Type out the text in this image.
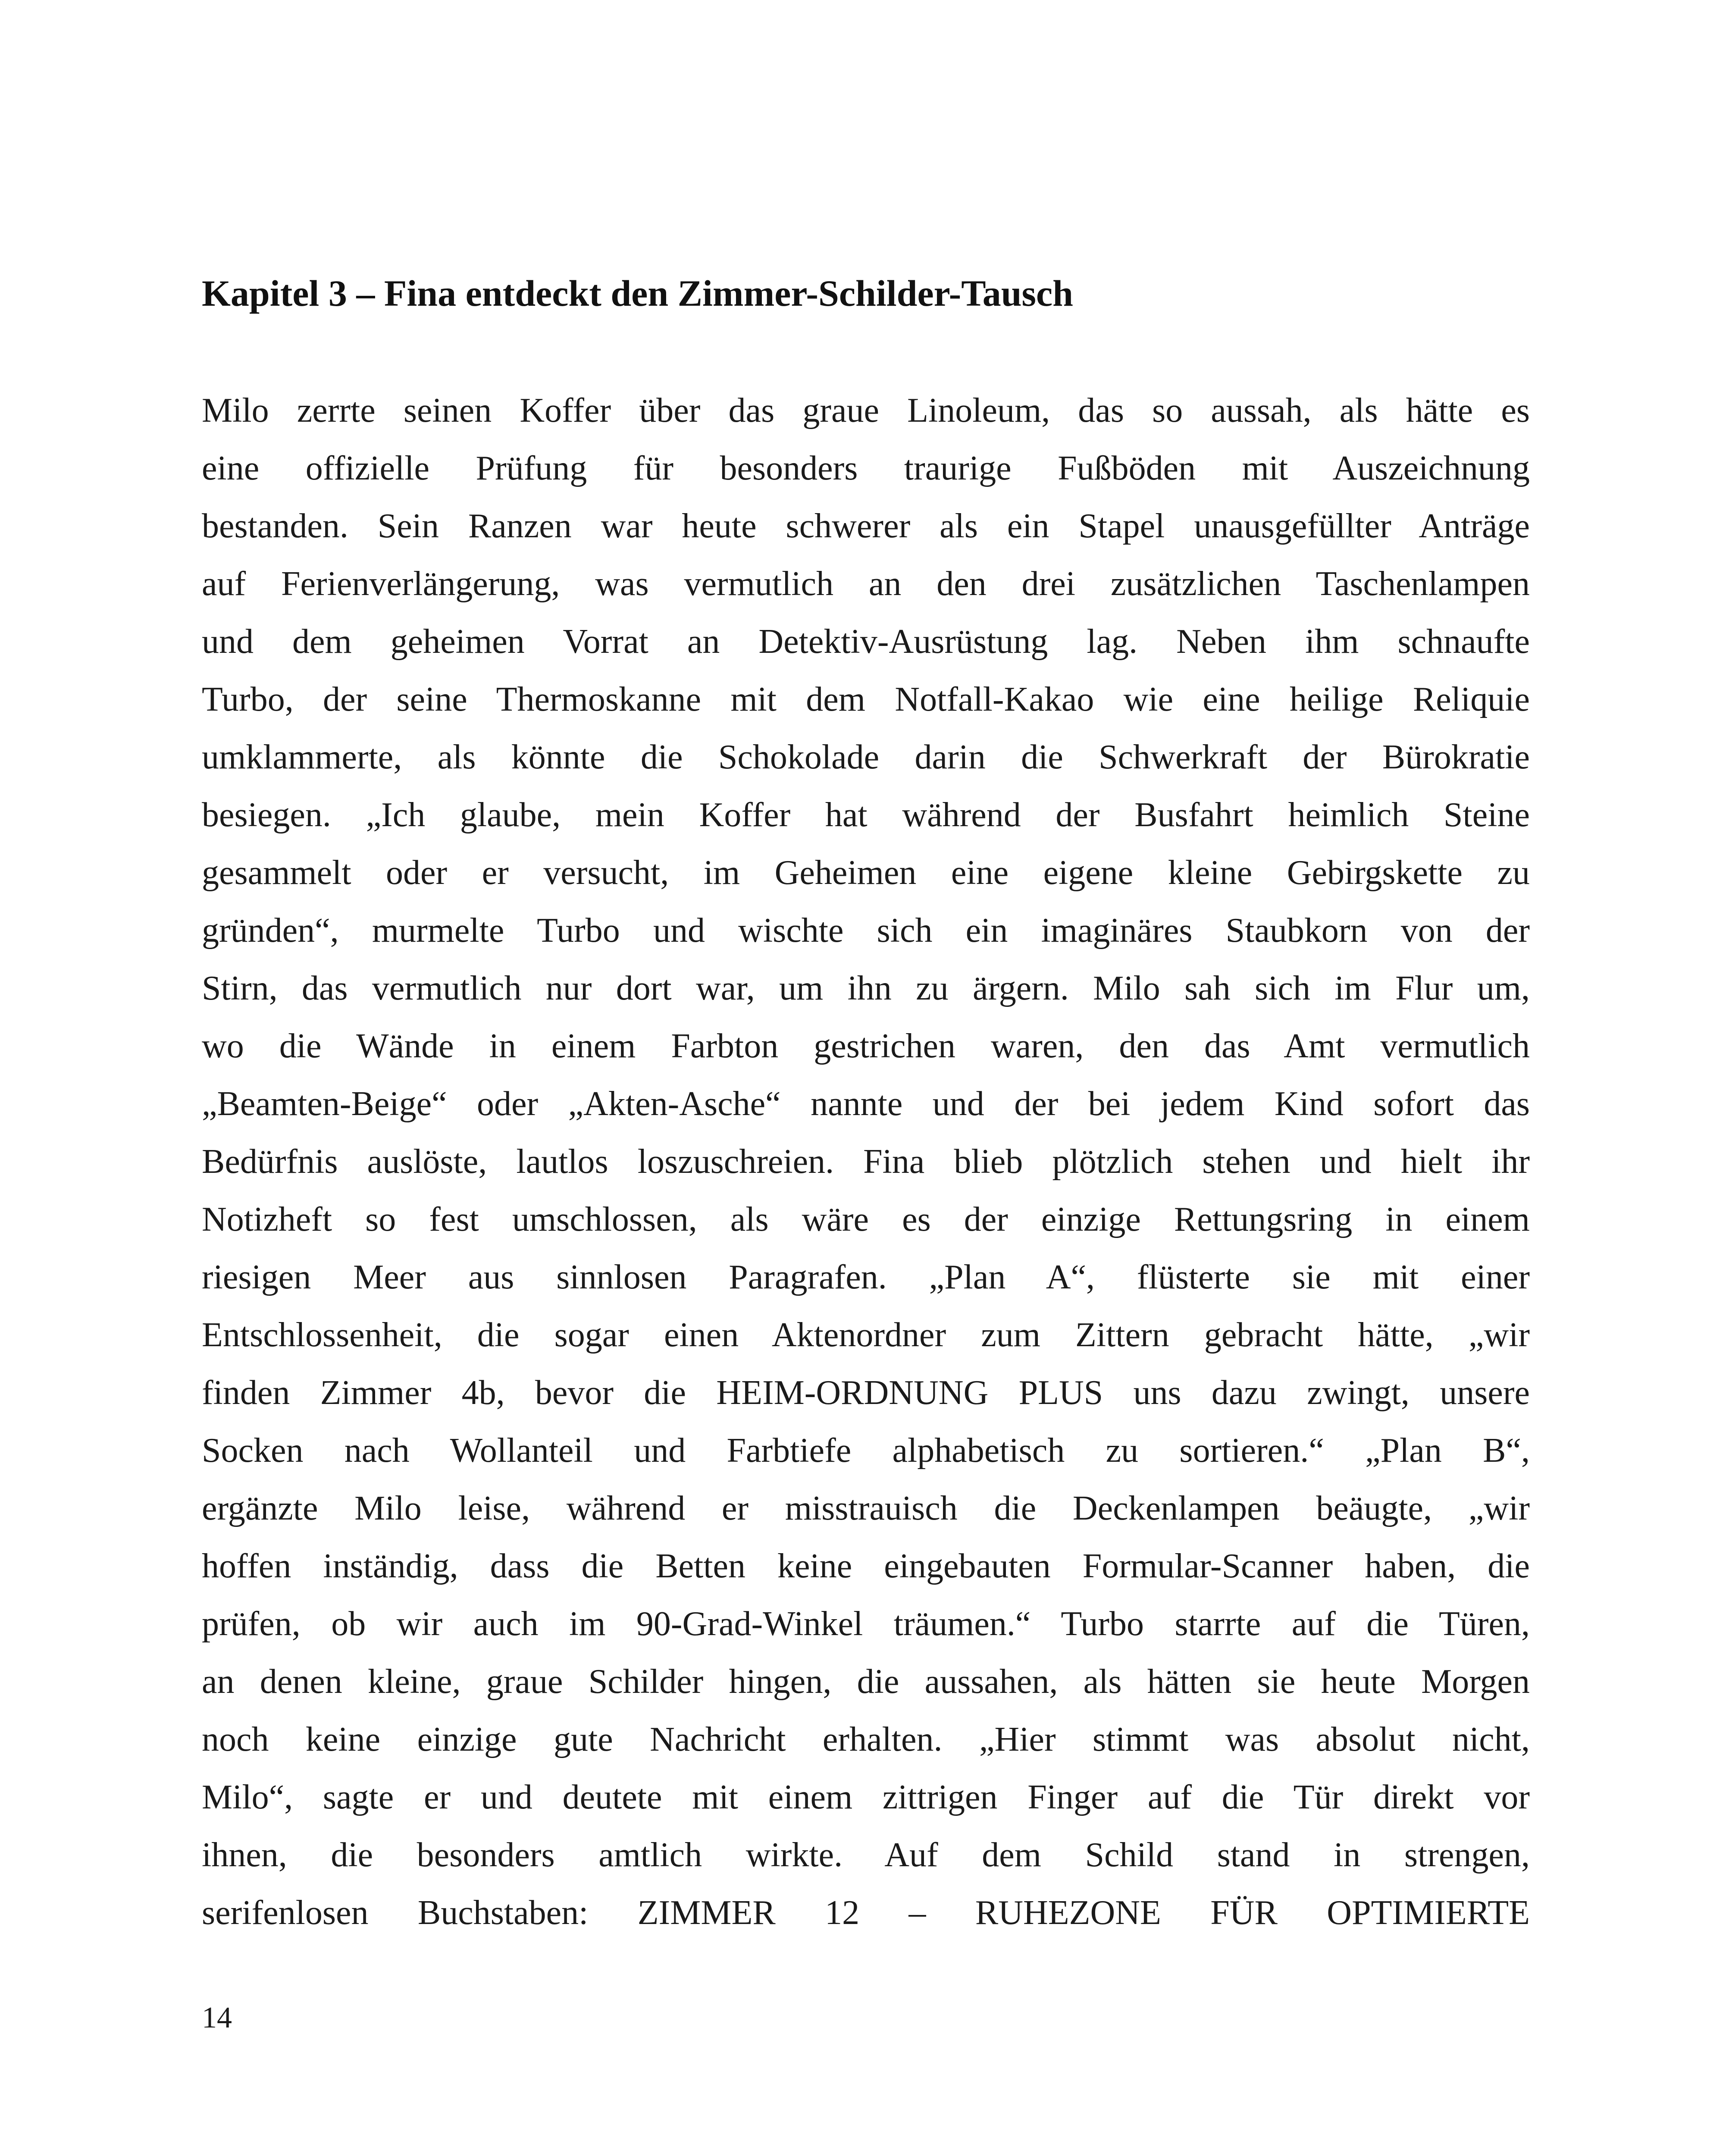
Kapitel 3 – Fina entdeckt den Zimmer-Schilder-Tausch
Milo zerrte seinen Koffer über das graue Linoleum, das so aussah, als hätte es
eine offizielle Prüfung für besonders traurige Fußböden mit Auszeichnung
bestanden. Sein Ranzen war heute schwerer als ein Stapel unausgefüllter Anträge
auf Ferienverlängerung, was vermutlich an den drei zusätzlichen Taschenlampen
und dem geheimen Vorrat an Detektiv-Ausrüstung lag. Neben ihm schnaufte
Turbo, der seine Thermoskanne mit dem Notfall-Kakao wie eine heilige Reliquie
umklammerte, als könnte die Schokolade darin die Schwerkraft der Bürokratie
besiegen. „Ich glaube, mein Koffer hat während der Busfahrt heimlich Steine
gesammelt oder er versucht, im Geheimen eine eigene kleine Gebirgskette zu
gründen“, murmelte Turbo und wischte sich ein imaginäres Staubkorn von der
Stirn, das vermutlich nur dort war, um ihn zu ärgern. Milo sah sich im Flur um,
wo die Wände in einem Farbton gestrichen waren, den das Amt vermutlich
„Beamten-Beige“ oder „Akten-Asche“ nannte und der bei jedem Kind sofort das
Bedürfnis auslöste, lautlos loszuschreien. Fina blieb plötzlich stehen und hielt ihr
Notizheft so fest umschlossen, als wäre es der einzige Rettungsring in einem
riesigen Meer aus sinnlosen Paragrafen. „Plan A“, flüsterte sie mit einer
Entschlossenheit, die sogar einen Aktenordner zum Zittern gebracht hätte, „wir
finden Zimmer 4b, bevor die HEIM-ORDNUNG PLUS uns dazu zwingt, unsere
Socken nach Wollanteil und Farbtiefe alphabetisch zu sortieren.“ „Plan B“,
ergänzte Milo leise, während er misstrauisch die Deckenlampen beäugte, „wir
hoffen inständig, dass die Betten keine eingebauten Formular-Scanner haben, die
prüfen, ob wir auch im 90-Grad-Winkel träumen.“ Turbo starrte auf die Türen,
an denen kleine, graue Schilder hingen, die aussahen, als hätten sie heute Morgen
noch keine einzige gute Nachricht erhalten. „Hier stimmt was absolut nicht,
Milo“, sagte er und deutete mit einem zittrigen Finger auf die Tür direkt vor
ihnen, die besonders amtlich wirkte. Auf dem Schild stand in strengen,
serifenlosen Buchstaben: ZIMMER 12 – RUHEZONE FÜR OPTIMIERTE
14
